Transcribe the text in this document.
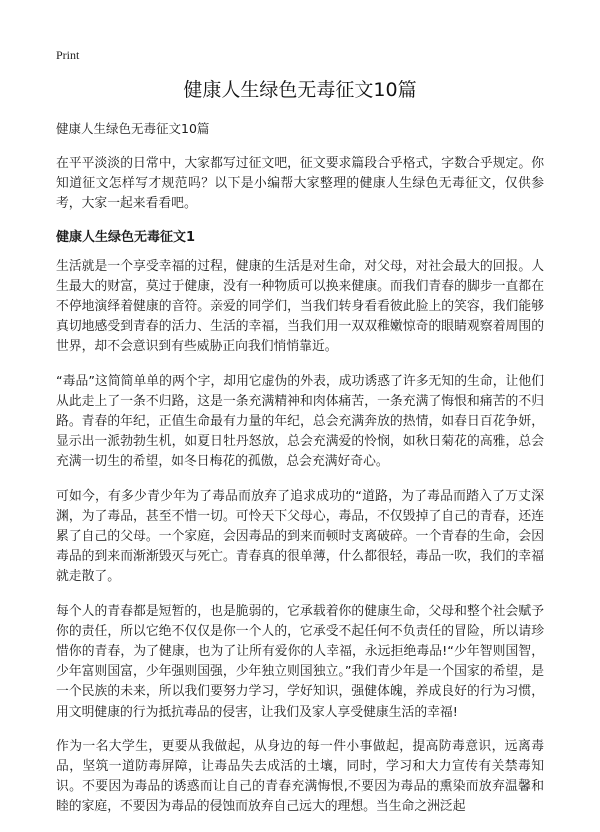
Print
健康人生绿色无毒征文10篇

健康人生绿色无毒征文10篇

在平平淡淡的日常中，大家都写过征文吧，征文要求篇段合乎格式，字数合乎规定。你知道征文怎样写才规范吗？以下是小编帮大家整理的健康人生绿色无毒征文，仅供参考，大家一起来看看吧。

健康人生绿色无毒征文1

生活就是一个享受幸福的过程，健康的生活是对生命，对父母，对社会最大的回报。人生最大的财富，莫过于健康，没有一种物质可以换来健康。而我们青春的脚步一直都在不停地演绎着健康的音符。亲爱的同学们，当我们转身看看彼此脸上的笑容，我们能够真切地感受到青春的活力、生活的幸福，当我们用一双双稚嫩惊奇的眼睛观察着周围的世界，却不会意识到有些威胁正向我们悄悄靠近。

“毒品”这简简单单的两个字，却用它虚伪的外表，成功诱惑了许多无知的生命，让他们从此走上了一条不归路，这是一条充满精神和肉体痛苦，一条充满了悔恨和痛苦的不归路。青春的年纪，正值生命最有力量的年纪，总会充满奔放的热情，如春日百花争妍，显示出一派勃勃生机，如夏日牡丹怒放，总会充满爱的怜悯，如秋日菊花的高雅，总会充满一切生的希望，如冬日梅花的孤傲，总会充满好奇心。

可如今，有多少青少年为了毒品而放弃了追求成功的“道路，为了毒品而踏入了万丈深渊，为了毒品，甚至不惜一切。可怜天下父母心，毒品，不仅毁掉了自己的青春，还连累了自己的父母。一个家庭，会因毒品的到来而顿时支离破碎。一个青春的生命，会因毒品的到来而渐渐毁灭与死亡。青春真的很单薄，什么都很轻，毒品一吹，我们的幸福就走散了。

每个人的青春都是短暂的，也是脆弱的，它承载着你的健康生命，父母和整个社会赋予你的责任，所以它绝不仅仅是你一个人的，它承受不起任何不负责任的冒险，所以请珍惜你的青春，为了健康，也为了让所有爱你的人幸福，永远拒绝毒品!“少年智则国智，少年富则国富，少年强则国强，少年独立则国独立。”我们青少年是一个国家的希望，是一个民族的未来，所以我们要努力学习，学好知识，强健体魄，养成良好的行为习惯，用文明健康的行为抵抗毒品的侵害，让我们及家人享受健康生活的幸福!

作为一名大学生，更要从我做起，从身边的每一件小事做起，提高防毒意识，远离毒品，坚筑一道防毒屏障，让毒品失去成活的土壤，同时，学习和大力宣传有关禁毒知识。不要因为毒品的诱惑而让自己的青春充满悔恨,不要因为毒品的熏染而放弃温馨和睦的家庭，不要因为毒品的侵蚀而放弃自己远大的理想。当生命之洲泛起
